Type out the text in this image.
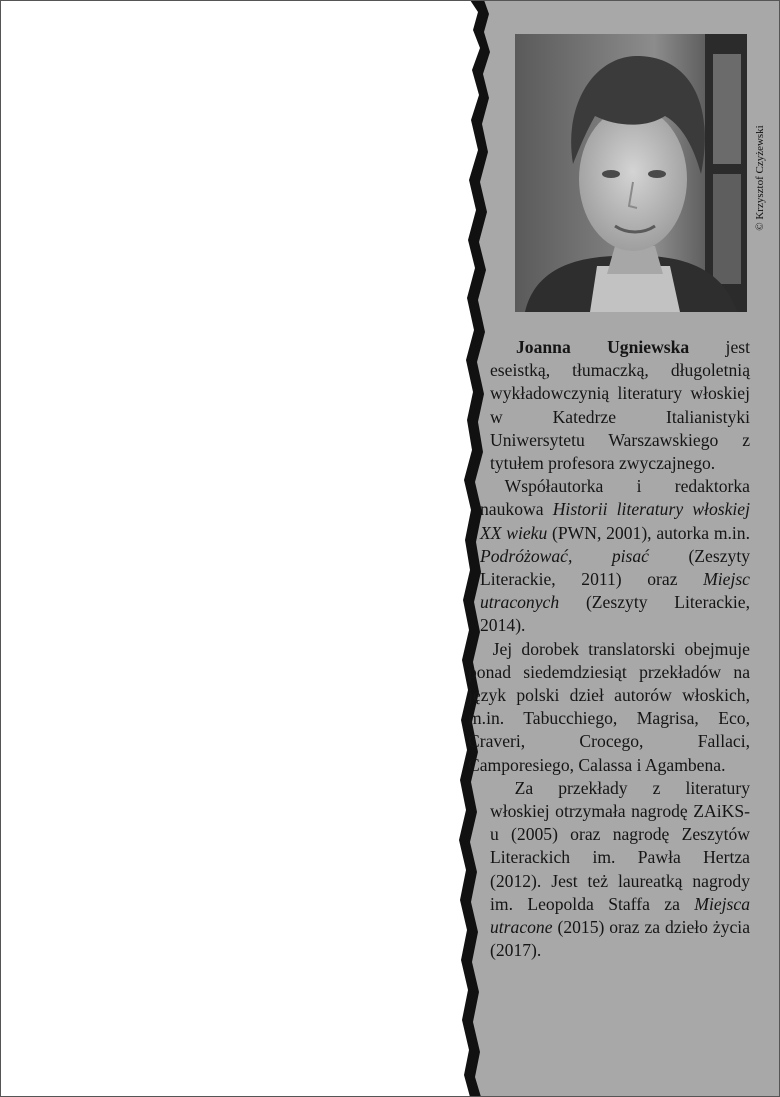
© Krzysztof Czyżewski

Joanna Ugniewska jest eseistką, tłumaczką, długoletnią wykładowczynią literatury włoskiej w Katedrze Italianistyki Uniwersytetu Warszawskiego z tytułem profesora zwyczajnego.

Współautorka i redaktorka naukowa Historii literatury włoskiej XX wieku (PWN, 2001), autorka m.in. Podróżować, pisać (Zeszyty Literackie, 2011) oraz Miejsc utraconych (Zeszyty Literackie, 2014).

Jej dorobek translatorski obejmuje ponad siedemdziesiąt przekładów na język polski dzieł autorów włoskich, m.in. Tabucchiego, Magrisa, Eco, Craveri, Crocego, Fallaci, Camporesiego, Calassa i Agambena.

Za przekłady z literatury włoskiej otrzymała nagrodę ZAiKS-u (2005) oraz nagrodę Zeszytów Literackich im. Pawła Hertza (2012). Jest też laureatką nagrody im. Leopolda Staffa za Miejsca utracone (2015) oraz za dzieło życia (2017).
